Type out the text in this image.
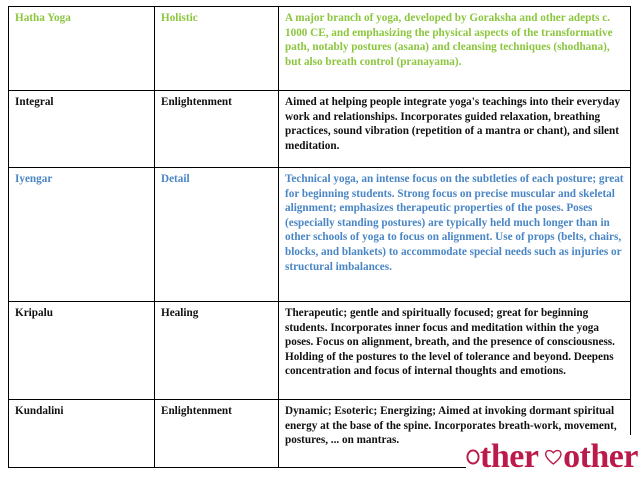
Hatha Yoga	Holistic	A major branch of yoga, developed by Goraksha and other adepts c. 1000 CE, and emphasizing the physical aspects of the transformative path, notably postures (asana) and cleansing techniques (shodhana), but also breath control (pranayama).
Integral	Enlightenment	Aimed at helping people integrate yoga's teachings into their everyday work and relationships. Incorporates guided relaxation, breathing practices, sound vibration (repetition of a mantra or chant), and silent meditation.
Iyengar	Detail	Technical yoga, an intense focus on the subtleties of each posture; great for beginning students. Strong focus on precise muscular and skeletal alignment; emphasizes therapeutic properties of the poses. Poses (especially standing postures) are typically held much longer than in other schools of yoga to focus on alignment. Use of props (belts, chairs, blocks, and blankets) to accommodate special needs such as injuries or structural imbalances.
Kripalu	Healing	Therapeutic; gentle and spiritually focused; great for beginning students. Incorporates inner focus and meditation within the yoga poses. Focus on alignment, breath, and the presence of consciousness. Holding of the postures to the level of tolerance and beyond. Deepens concentration and focus of internal thoughts and emotions.
Kundalini	Enlightenment	Dynamic; Esoteric; Energizing; Aimed at invoking dormant spiritual energy at the base of the spine. Incorporates breath-work, movement, postures, ... on mantras. ther other
